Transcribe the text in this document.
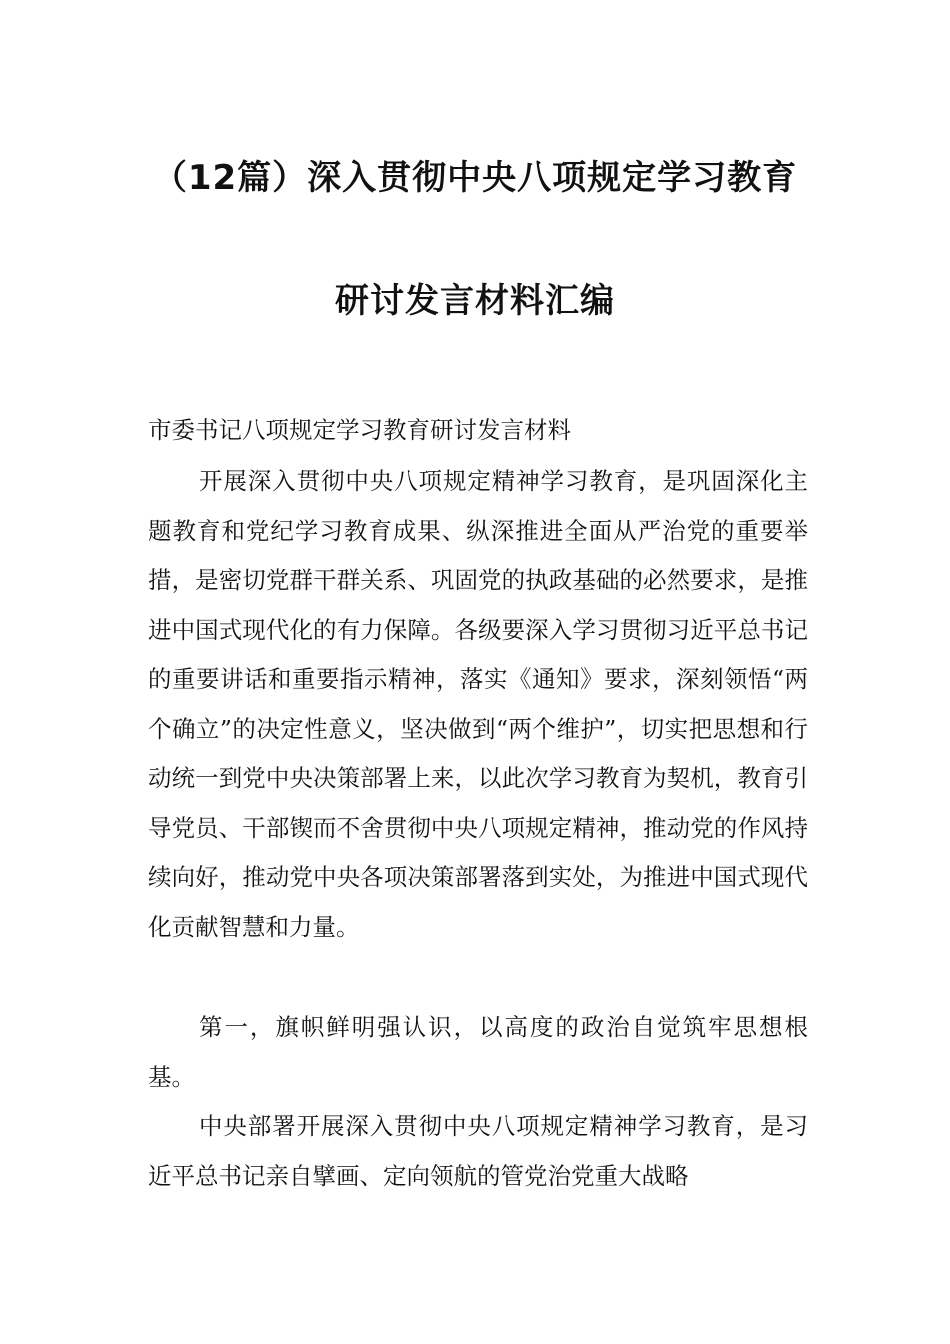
（12篇）深入贯彻中央八项规定学习教育
研讨发言材料汇编

市委书记八项规定学习教育研讨发言材料

开展深入贯彻中央八项规定精神学习教育，是巩固深化主题教育和党纪学习教育成果、纵深推进全面从严治党的重要举措，是密切党群干群关系、巩固党的执政基础的必然要求，是推进中国式现代化的有力保障。各级要深入学习贯彻习近平总书记的重要讲话和重要指示精神，落实《通知》要求，深刻领悟“两个确立”的决定性意义，坚决做到“两个维护”，切实把思想和行动统一到党中央决策部署上来，以此次学习教育为契机，教育引导党员、干部锲而不舍贯彻中央八项规定精神，推动党的作风持续向好，推动党中央各项决策部署落到实处，为推进中国式现代化贡献智慧和力量。

第一，旗帜鲜明强认识，以高度的政治自觉筑牢思想根基。

中央部署开展深入贯彻中央八项规定精神学习教育，是习近平总书记亲自擘画、定向领航的管党治党重大战略
